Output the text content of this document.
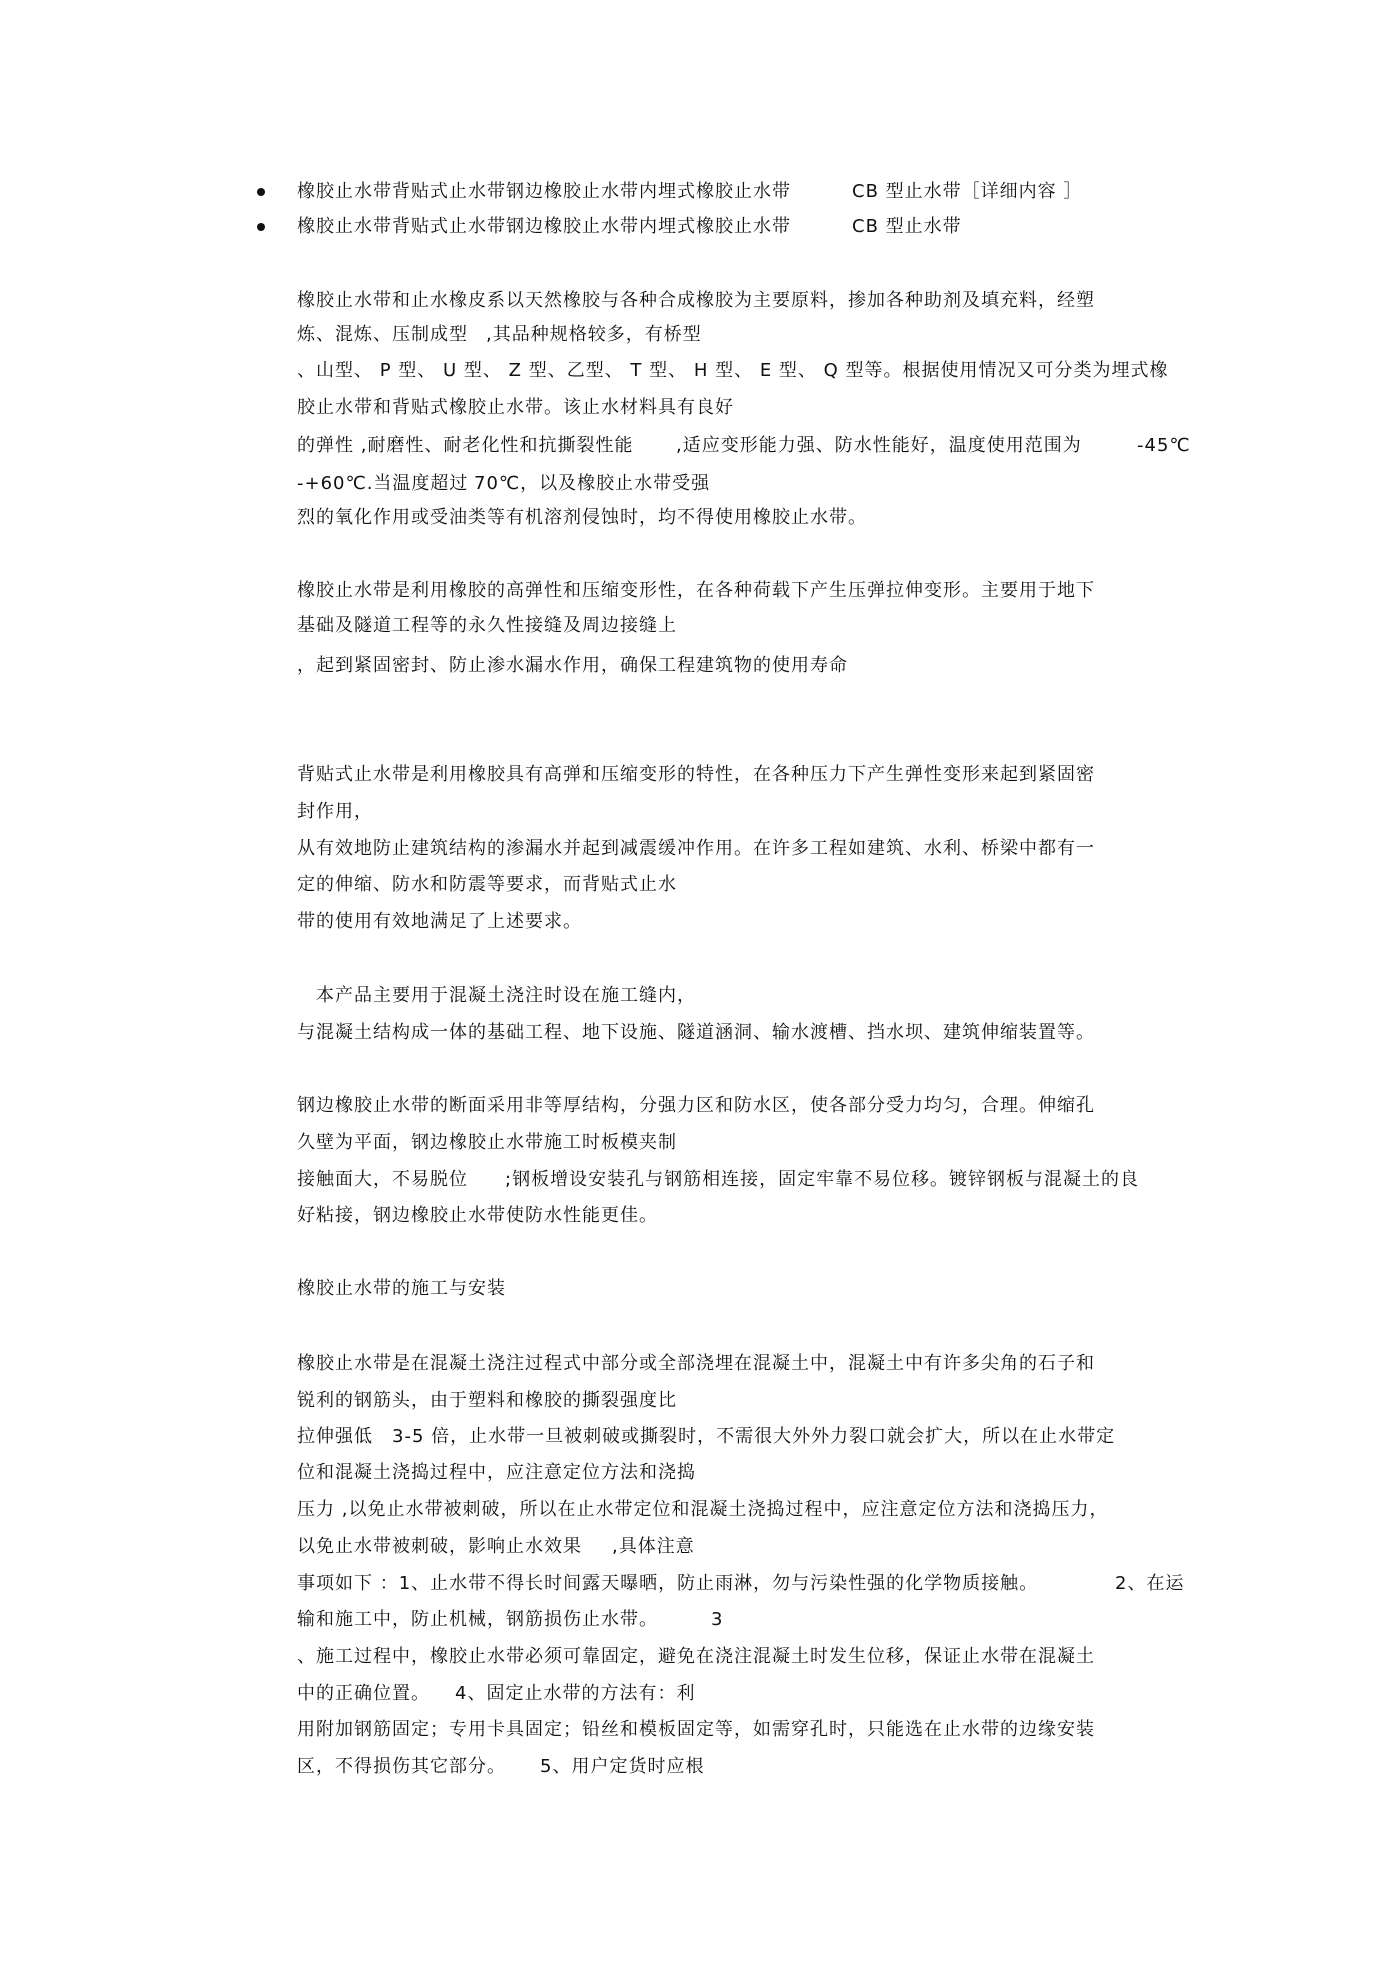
橡胶止水带背贴式止水带钢边橡胶止水带内埋式橡胶止水带	CB 型止水带［详细内容 ］
橡胶止水带背贴式止水带钢边橡胶止水带内埋式橡胶止水带	CB 型止水带
橡胶止水带和止水橡皮系以天然橡胶与各种合成橡胶为主要原料，掺加各种助剂及填充料，经塑
炼、混炼、压制成型 ,其品种规格较多，有桥型
、山型、 P 型、 U 型、 Z 型、乙型、 T 型、 H 型、 E 型、 Q 型等。根据使用情况又可分类为埋式橡
胶止水带和背贴式橡胶止水带。该止水材料具有良好
的弹性 ,耐磨性、耐老化性和抗撕裂性能 ,适应变形能力强、防水性能好，温度使用范围为	-45℃
-+60℃.当温度超过 70℃，以及橡胶止水带受强
烈的氧化作用或受油类等有机溶剂侵蚀时，均不得使用橡胶止水带。
橡胶止水带是利用橡胶的高弹性和压缩变形性，在各种荷载下产生压弹拉伸变形。主要用于地下
基础及隧道工程等的永久性接缝及周边接缝上
，起到紧固密封、防止渗水漏水作用，确保工程建筑物的使用寿命
背贴式止水带是利用橡胶具有高弹和压缩变形的特性，在各种压力下产生弹性变形来起到紧固密
封作用，
从有效地防止建筑结构的渗漏水并起到减震缓冲作用。在许多工程如建筑、水利、桥梁中都有一
定的伸缩、防水和防震等要求，而背贴式止水
带的使用有效地满足了上述要求。
本产品主要用于混凝土浇注时设在施工缝内，
与混凝土结构成一体的基础工程、地下设施、隧道涵洞、输水渡槽、挡水坝、建筑伸缩装置等。
钢边橡胶止水带的断面采用非等厚结构，分强力区和防水区，使各部分受力均匀，合理。伸缩孔
久壁为平面，钢边橡胶止水带施工时板模夹制
接触面大，不易脱位 ;钢板增设安装孔与钢筋相连接，固定牢靠不易位移。镀锌钢板与混凝土的良
好粘接，钢边橡胶止水带使防水性能更佳。
橡胶止水带的施工与安装
橡胶止水带是在混凝土浇注过程式中部分或全部浇埋在混凝土中，混凝土中有许多尖角的石子和
锐利的钢筋头，由于塑料和橡胶的撕裂强度比
拉伸强低 3-5 倍，止水带一旦被刺破或撕裂时，不需很大外外力裂口就会扩大，所以在止水带定
位和混凝土浇捣过程中，应注意定位方法和浇捣
压力 ,以免止水带被刺破，所以在止水带定位和混凝土浇捣过程中，应注意定位方法和浇捣压力，
以免止水带被刺破，影响止水效果 ,具体注意
事项如下 ：1、止水带不得长时间露天曝晒，防止雨淋，勿与污染性强的化学物质接触。	2、在运
输和施工中，防止机械，钢筋损伤止水带。	3
、施工过程中，橡胶止水带必须可靠固定，避免在浇注混凝土时发生位移，保证止水带在混凝土
中的正确位置。 4、固定止水带的方法有：利
用附加钢筋固定；专用卡具固定；铅丝和模板固定等，如需穿孔时，只能选在止水带的边缘安装
区，不得损伤其它部分。 5、用户定货时应根
